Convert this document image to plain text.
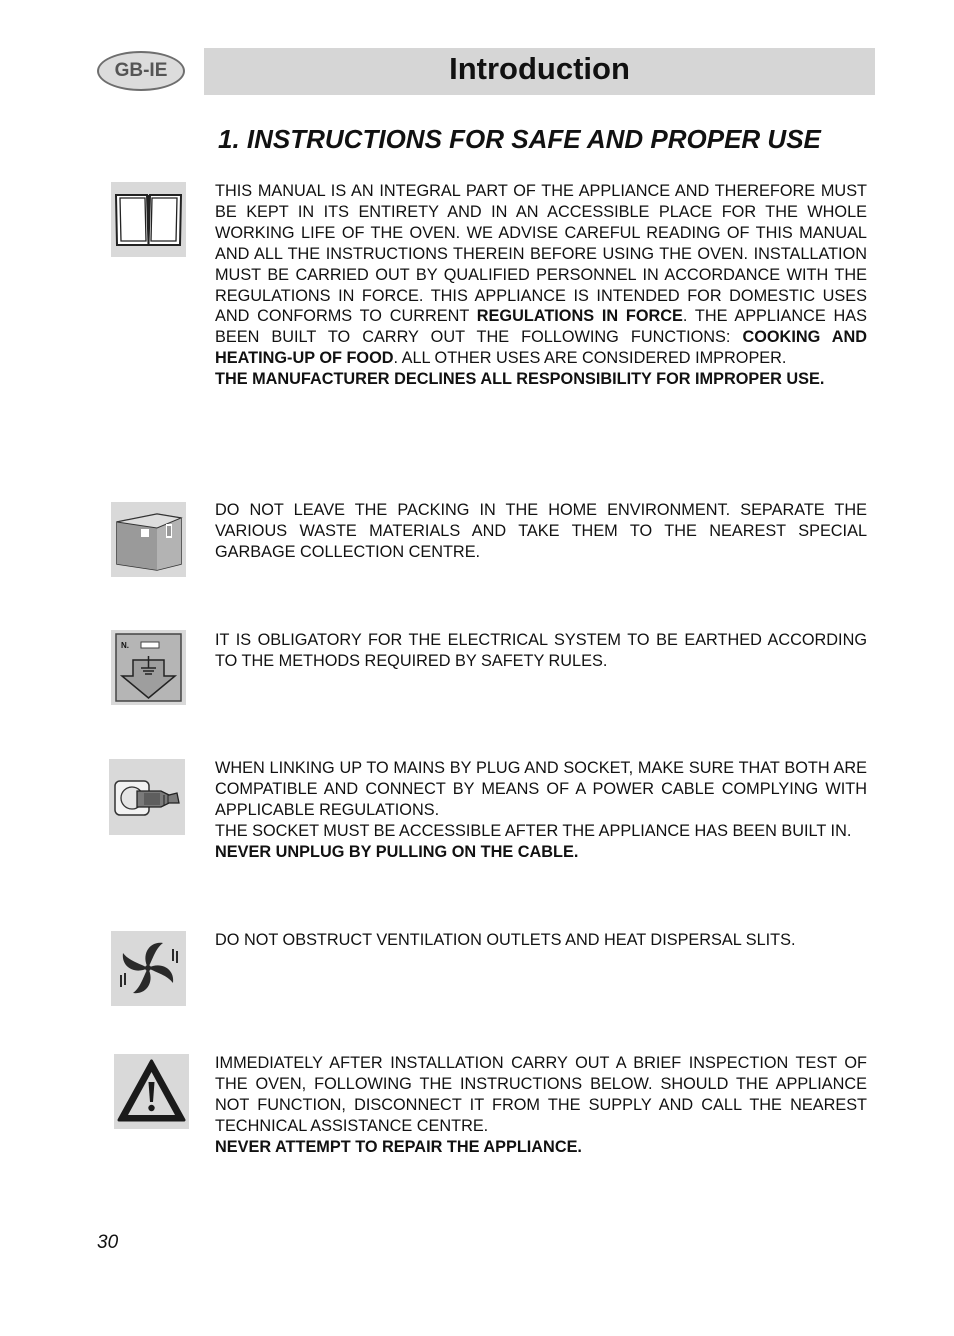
GB-IE	Introduction
1. INSTRUCTIONS FOR SAFE AND PROPER USE

THIS MANUAL IS AN INTEGRAL PART OF THE APPLIANCE AND THEREFORE MUST BE KEPT IN ITS ENTIRETY AND IN AN ACCESSIBLE PLACE FOR THE WHOLE WORKING LIFE OF THE OVEN. WE ADVISE CAREFUL READING OF THIS MANUAL AND ALL THE INSTRUCTIONS THEREIN BEFORE USING THE OVEN. INSTALLATION MUST BE CARRIED OUT BY QUALIFIED PERSONNEL IN ACCORDANCE WITH THE REGULATIONS IN FORCE. THIS APPLIANCE IS INTENDED FOR DOMESTIC USES AND CONFORMS TO CURRENT REGULATIONS IN FORCE. THE APPLIANCE HAS BEEN BUILT TO CARRY OUT THE FOLLOWING FUNCTIONS: COOKING AND HEATING-UP OF FOOD. ALL OTHER USES ARE CONSIDERED IMPROPER.

THE MANUFACTURER DECLINES ALL RESPONSIBILITY FOR IMPROPER USE.

DO NOT LEAVE THE PACKING IN THE HOME ENVIRONMENT. SEPARATE THE VARIOUS WASTE MATERIALS AND TAKE THEM TO THE NEAREST SPECIAL GARBAGE COLLECTION CENTRE.
N.	IT IS OBLIGATORY FOR THE ELECTRICAL SYSTEM TO BE EARTHED ACCORDING TO THE METHODS REQUIRED BY SAFETY RULES.

WHEN LINKING UP TO MAINS BY PLUG AND SOCKET, MAKE SURE THAT BOTH ARE COMPATIBLE AND CONNECT BY MEANS OF A POWER CABLE COMPLYING WITH APPLICABLE REGULATIONS.

THE SOCKET MUST BE ACCESSIBLE AFTER THE APPLIANCE HAS BEEN BUILT IN.

NEVER UNPLUG BY PULLING ON THE CABLE.

DO NOT OBSTRUCT VENTILATION OUTLETS AND HEAT DISPERSAL SLITS.

IMMEDIATELY AFTER INSTALLATION CARRY OUT A BRIEF INSPECTION TEST OF THE OVEN, FOLLOWING THE INSTRUCTIONS BELOW. SHOULD THE APPLIANCE NOT FUNCTION, DISCONNECT IT FROM THE SUPPLY AND CALL THE NEAREST TECHNICAL ASSISTANCE CENTRE.

NEVER ATTEMPT TO REPAIR THE APPLIANCE.

30
